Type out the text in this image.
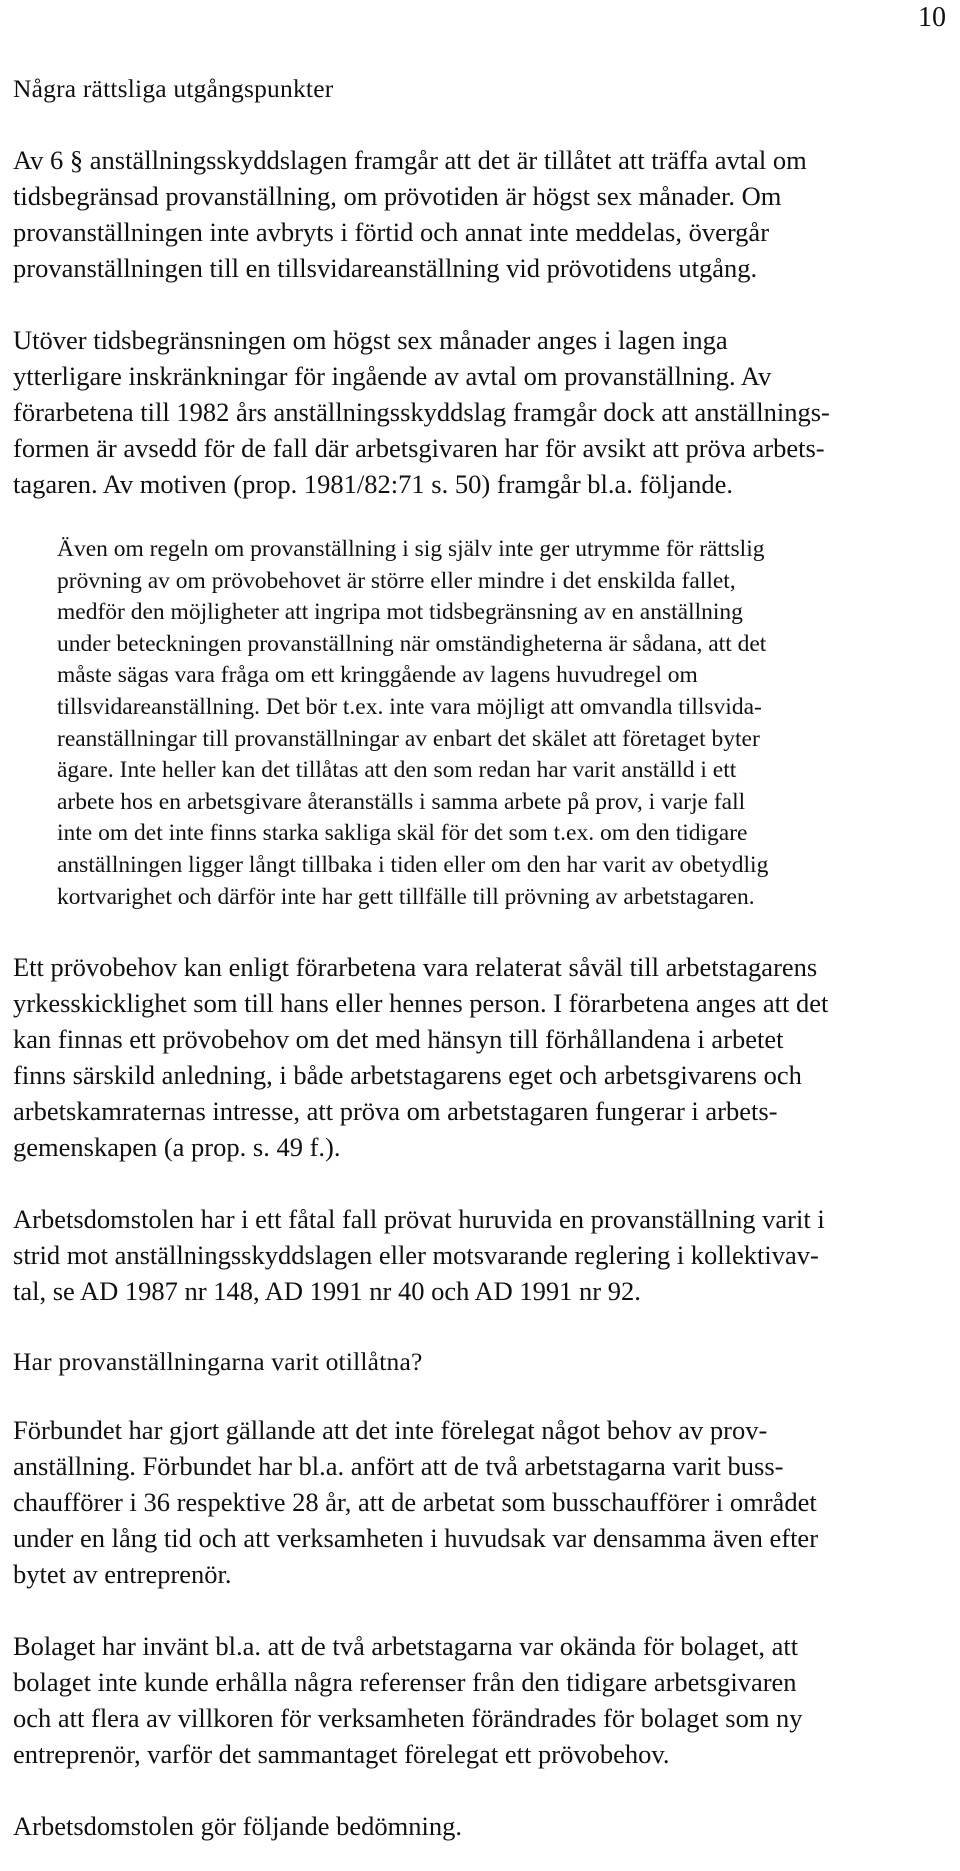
10

Några rättsliga utgångspunkter

Av 6 § anställningsskyddslagen framgår att det är tillåtet att träffa avtal om

tidsbegränsad provanställning, om prövotiden är högst sex månader. Om

provanställningen inte avbryts i förtid och annat inte meddelas, övergår

provanställningen till en tillsvidareanställning vid prövotidens utgång.

Utöver tidsbegränsningen om högst sex månader anges i lagen inga

ytterligare inskränkningar för ingående av avtal om provanställning. Av

förarbetena till 1982 års anställningsskyddslag framgår dock att anställnings-

formen är avsedd för de fall där arbetsgivaren har för avsikt att pröva arbets-

tagaren. Av motiven (prop. 1981/82:71 s. 50) framgår bl.a. följande.

Även om regeln om provanställning i sig själv inte ger utrymme för rättslig

prövning av om prövobehovet är större eller mindre i det enskilda fallet,

medför den möjligheter att ingripa mot tidsbegränsning av en anställning

under beteckningen provanställning när omständigheterna är sådana, att det

måste sägas vara fråga om ett kringgående av lagens huvudregel om

tillsvidareanställning. Det bör t.ex. inte vara möjligt att omvandla tillsvida-

reanställningar till provanställningar av enbart det skälet att företaget byter

ägare. Inte heller kan det tillåtas att den som redan har varit anställd i ett

arbete hos en arbetsgivare återanställs i samma arbete på prov, i varje fall

inte om det inte finns starka sakliga skäl för det som t.ex. om den tidigare

anställningen ligger långt tillbaka i tiden eller om den har varit av obetydlig

kortvarighet och därför inte har gett tillfälle till prövning av arbetstagaren.

Ett prövobehov kan enligt förarbetena vara relaterat såväl till arbetstagarens

yrkesskicklighet som till hans eller hennes person. I förarbetena anges att det

kan finnas ett prövobehov om det med hänsyn till förhållandena i arbetet

finns särskild anledning, i både arbetstagarens eget och arbetsgivarens och

arbetskamraternas intresse, att pröva om arbetstagaren fungerar i arbets-

gemenskapen (a prop. s. 49 f.).

Arbetsdomstolen har i ett fåtal fall prövat huruvida en provanställning varit i

strid mot anställningsskyddslagen eller motsvarande reglering i kollektivav-

tal, se AD 1987 nr 148, AD 1991 nr 40 och AD 1991 nr 92.

Har provanställningarna varit otillåtna?

Förbundet har gjort gällande att det inte förelegat något behov av prov-

anställning. Förbundet har bl.a. anfört att de två arbetstagarna varit buss-

chaufförer i 36 respektive 28 år, att de arbetat som busschaufförer i området

under en lång tid och att verksamheten i huvudsak var densamma även efter

bytet av entreprenör.

Bolaget har invänt bl.a. att de två arbetstagarna var okända för bolaget, att

bolaget inte kunde erhålla några referenser från den tidigare arbetsgivaren

och att flera av villkoren för verksamheten förändrades för bolaget som ny

entreprenör, varför det sammantaget förelegat ett prövobehov.

Arbetsdomstolen gör följande bedömning.
